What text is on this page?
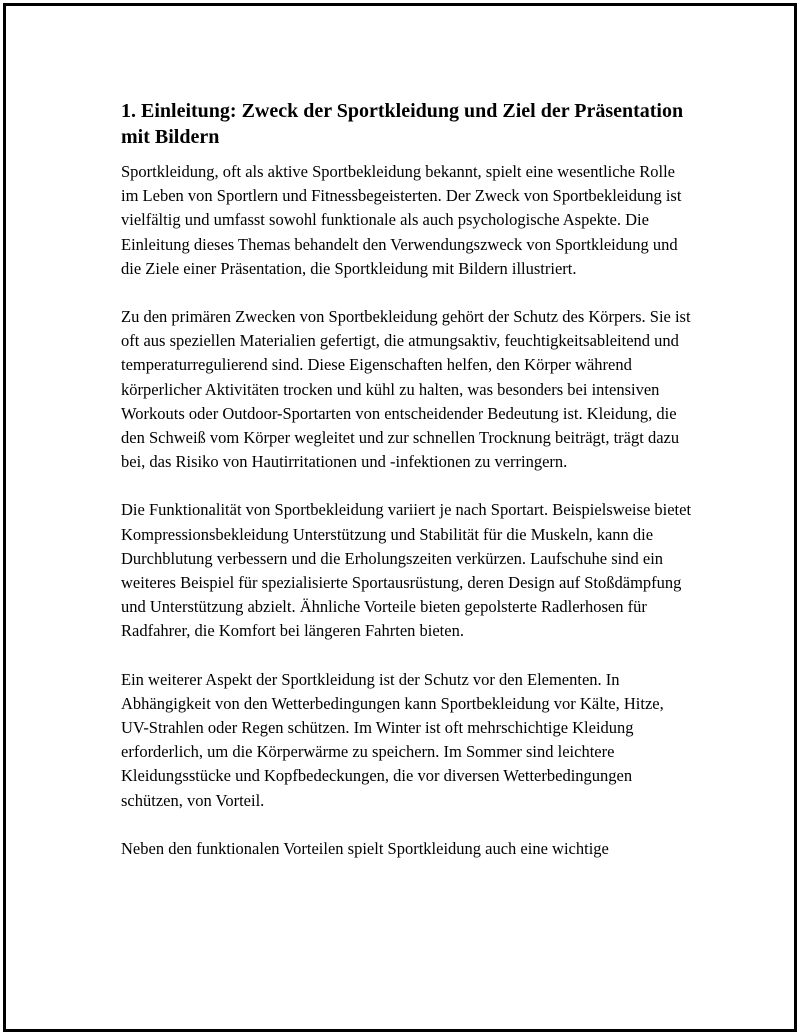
1. Einleitung: Zweck der Sportkleidung und Ziel der Präsentation mit Bildern

Sportkleidung, oft als aktive Sportbekleidung bekannt, spielt eine wesentliche Rolle im Leben von Sportlern und Fitnessbegeisterten. Der Zweck von Sportbekleidung ist vielfältig und umfasst sowohl funktionale als auch psychologische Aspekte. Die Einleitung dieses Themas behandelt den Verwendungszweck von Sportkleidung und die Ziele einer Präsentation, die Sportkleidung mit Bildern illustriert.

Zu den primären Zwecken von Sportbekleidung gehört der Schutz des Körpers. Sie ist oft aus speziellen Materialien gefertigt, die atmungsaktiv, feuchtigkeitsableitend und temperaturregulierend sind. Diese Eigenschaften helfen, den Körper während körperlicher Aktivitäten trocken und kühl zu halten, was besonders bei intensiven Workouts oder Outdoor-Sportarten von entscheidender Bedeutung ist. Kleidung, die den Schweiß vom Körper wegleitet und zur schnellen Trocknung beiträgt, trägt dazu bei, das Risiko von Hautirritationen und -infektionen zu verringern.

Die Funktionalität von Sportbekleidung variiert je nach Sportart. Beispielsweise bietet Kompressionsbekleidung Unterstützung und Stabilität für die Muskeln, kann die Durchblutung verbessern und die Erholungszeiten verkürzen. Laufschuhe sind ein weiteres Beispiel für spezialisierte Sportausrüstung, deren Design auf Stoßdämpfung und Unterstützung abzielt. Ähnliche Vorteile bieten gepolsterte Radlerhosen für Radfahrer, die Komfort bei längeren Fahrten bieten.

Ein weiterer Aspekt der Sportkleidung ist der Schutz vor den Elementen. In Abhängigkeit von den Wetterbedingungen kann Sportbekleidung vor Kälte, Hitze, UV-Strahlen oder Regen schützen. Im Winter ist oft mehrschichtige Kleidung erforderlich, um die Körperwärme zu speichern. Im Sommer sind leichtere Kleidungsstücke und Kopfbedeckungen, die vor diversen Wetterbedingungen schützen, von Vorteil.

Neben den funktionalen Vorteilen spielt Sportkleidung auch eine wichtige
